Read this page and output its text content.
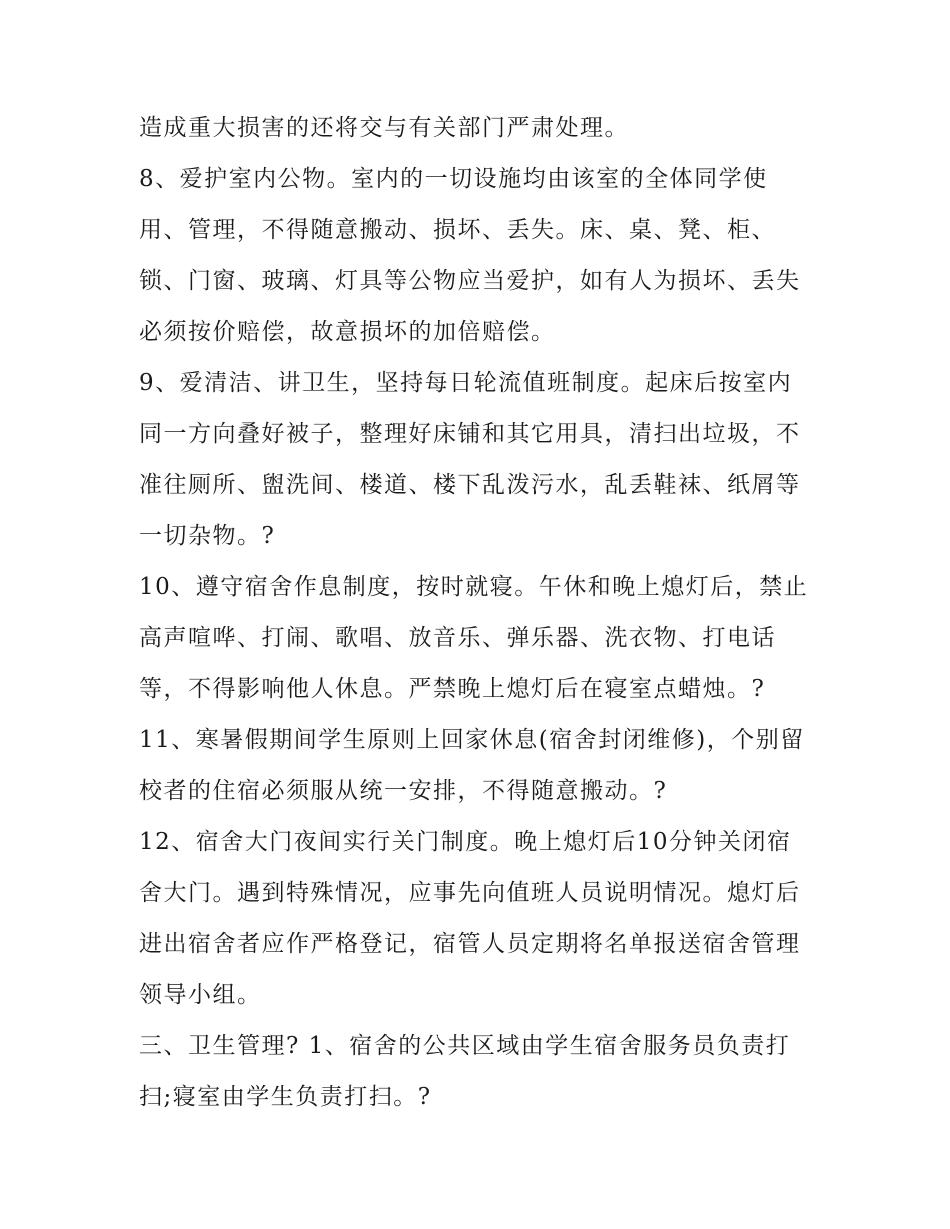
造成重大损害的还将交与有关部门严肃处理。
8、爱护室内公物。室内的一切设施均由该室的全体同学使
用、管理，不得随意搬动、损坏、丢失。床、桌、凳、柜、
锁、门窗、玻璃、灯具等公物应当爱护，如有人为损坏、丢失
必须按价赔偿，故意损坏的加倍赔偿。
9、爱清洁、讲卫生，坚持每日轮流值班制度。起床后按室内
同一方向叠好被子，整理好床铺和其它用具，清扫出垃圾，不
准往厕所、盥洗间、楼道、楼下乱泼污水，乱丢鞋袜、纸屑等
一切杂物。?
10、遵守宿舍作息制度，按时就寝。午休和晚上熄灯后，禁止
高声喧哗、打闹、歌唱、放音乐、弹乐器、洗衣物、打电话
等，不得影响他人休息。严禁晚上熄灯后在寝室点蜡烛。?
11、寒暑假期间学生原则上回家休息(宿舍封闭维修)，个别留
校者的住宿必须服从统一安排，不得随意搬动。?
12、宿舍大门夜间实行关门制度。晚上熄灯后10分钟关闭宿
舍大门。遇到特殊情况，应事先向值班人员说明情况。熄灯后
进出宿舍者应作严格登记，宿管人员定期将名单报送宿舍管理
领导小组。
三、卫生管理? 1、宿舍的公共区域由学生宿舍服务员负责打
扫;寝室由学生负责打扫。?
